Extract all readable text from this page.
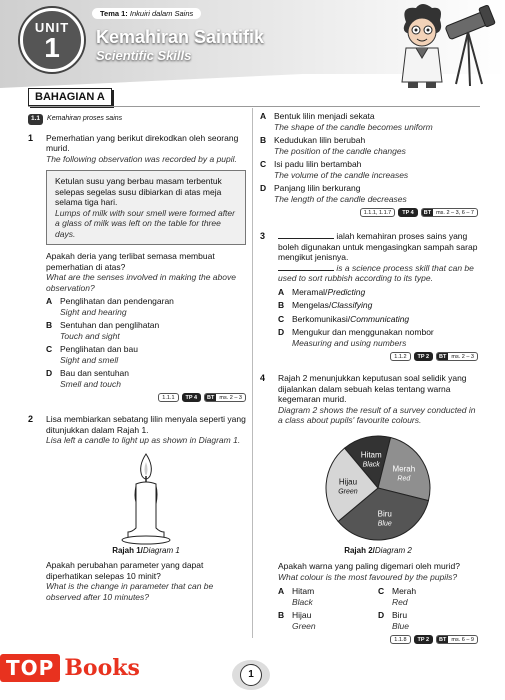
UNIT
1
Tema 1: Inkuiri dalam Sains
Kemahiran Saintifik
Scientific Skills
BAHAGIAN A
1.1	Kemahiran proses sains
1 Pemerhatian yang berikut direkodkan oleh seorang murid.
The following observation was recorded by a pupil.
Ketulan susu yang berbau masam terbentuk selepas segelas susu dibiarkan di atas meja selama tiga hari.
Lumps of milk with sour smell were formed after a glass of milk was left on the table for three days.
Apakah deria yang terlibat semasa membuat pemerhatian di atas?
What are the senses involved in making the above observation?
A Penglihatan dan pendengaran
Sight and hearing
B Sentuhan dan penglihatan
Touch and sight
C Penglihatan dan bau
Sight and smell
D Bau dan sentuhan
Smell and touch
1.1.1	TP 4	BT ms. 2 – 3
2 Lisa membiarkan sebatang lilin menyala seperti yang ditunjukkan dalam Rajah 1.
Lisa left a candle to light up as shown in Diagram 1.
Rajah 1/Diagram 1
Apakah perubahan parameter yang dapat diperhatikan selepas 10 minit?
What is the change in parameter that can be observed after 10 minutes?
A Bentuk lilin menjadi sekata
The shape of the candle becomes uniform
B Kedudukan lilin berubah
The position of the candle changes
C Isi padu lilin bertambah
The volume of the candle increases
D Panjang lilin berkurang
The length of the candle decreases
1.1.1, 1.1.7	TP 4	BT ms. 2 – 3, 6 – 7
3	ialah kemahiran proses sains yang boleh digunakan untuk mengasingkan sampah sarap mengikut jenisnya.
is a science process skill that can be used to sort rubbish according to its type.
A Meramal/Predicting
B Mengelas/Classifying
C Berkomunikasi/Communicating
D Mengukur dan menggunakan nombor
Measuring and using numbers
1.1.2	TP 2	BT ms. 2 – 3
4 Rajah 2 menunjukkan keputusan soal selidik yang dijalankan dalam sebuah kelas tentang warna kegemaran murid.
Diagram 2 shows the result of a survey conducted in a class about pupils' favourite colours.
Hitam
Black Merah
Red
Biru
Blue
Hijau
Green
Rajah 2/Diagram 2
Apakah warna yang paling digemari oleh murid?
What colour is the most favoured by the pupils?
A Hitam
Black
C Merah
Red
B Hijau
Green
D Biru
Blue
1.1.8	TP 2	BT ms. 6 – 9
TOP Books	1
